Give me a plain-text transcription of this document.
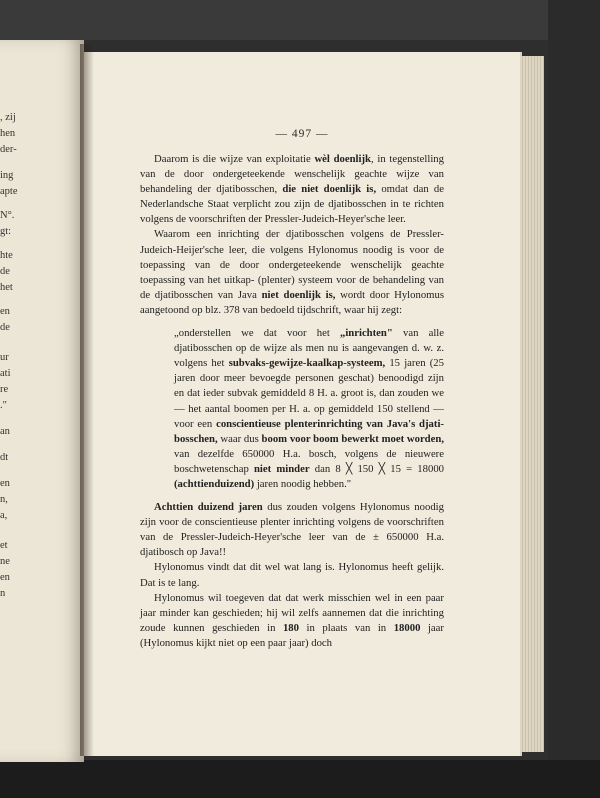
, zij
hen
der-
ing
apte
N°.
gt:
hte
de
het
en
de
ur
ati
re
."
an
dt
en
n,
a,
et
ne
en
n
— 497 —

Daarom is die wijze van exploitatie wèl doenlijk, in tegenstelling van de door ondergeteekende wenschelijk geachte wijze van behandeling der djatibosschen, die niet doenlijk is, omdat dan de Nederlandsche Staat verplicht zou zijn de djatibosschen in te richten volgens de voorschriften der Pressler-Judeich-Heyer'sche leer.

Waarom een inrichting der djatibosschen volgens de Pressler-Judeich-Heijer'sche leer, die volgens Hylonomus noodig is voor de toepassing van de door ondergeteekende wenschelijk geachte toepassing van het uitkap- (plenter) systeem voor de behandeling van de djatibosschen van Java niet doenlijk is, wordt door Hylonomus aangetoond op blz. 378 van bedoeld tijdschrift, waar hij zegt:

„onderstellen we dat voor het „inrichten" van alle djatibosschen op de wijze als men nu is aangevangen d. w. z. volgens het subvaks-gewijze-kaalkap-systeem, 15 jaren (25 jaren door meer bevoegde personen geschat) benoodigd zijn en dat ieder subvak gemiddeld 8 H. a. groot is, dan zouden we — het aantal boomen per H. a. op gemiddeld 150 stellend — voor een conscientieuse plenterinrichting van Java's djati-bosschen, waar dus boom voor boom bewerkt moet worden, van dezelfde 650000 H.a. bosch, volgens de nieuwere boschwetenschap niet minder dan 8 ╳ 150 ╳ 15 = 18000 (achttienduizend) jaren noodig hebben."

Achttien duizend jaren dus zouden volgens Hylonomus noodig zijn voor de conscientieuse plenter inrichting volgens de voorschriften van de Pressler-Judeich-Heyer'sche leer van de ± 650000 H.a. djatibosch op Java!!

Hylonomus vindt dat dit wel wat lang is. Hylonomus heeft gelijk. Dat is te lang.

Hylonomus wil toegeven dat dat werk misschien wel in een paar jaar minder kan geschieden; hij wil zelfs aannemen dat die inrichting zoude kunnen geschieden in 180 in plaats van in 18000 jaar (Hylonomus kijkt niet op een paar jaar) doch
